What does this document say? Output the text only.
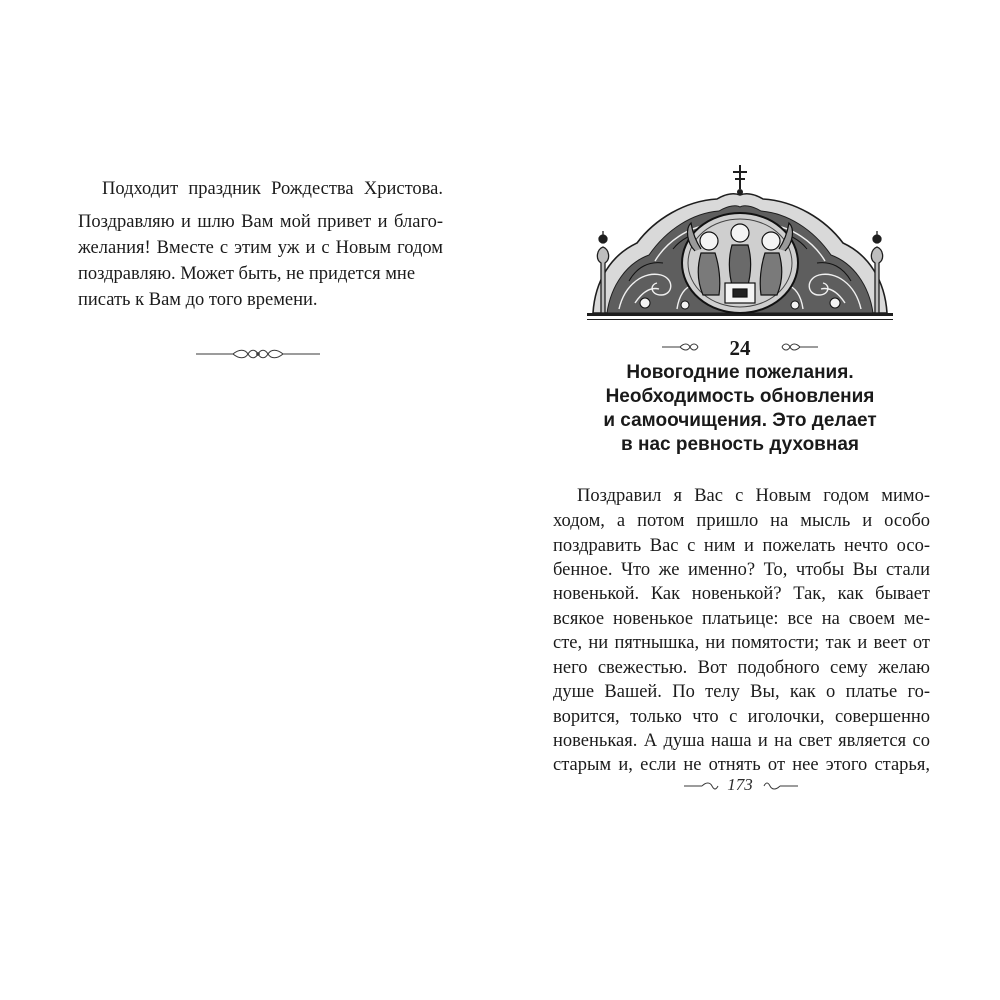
Подходит праздник Рождества Христова.

Поздравляю и шлю Вам мой привет и благо-

желания! Вместе с этим уж и с Новым годом

поздравляю. Может быть, не придется мне

писать к Вам до того времени.

24

Новогодние пожелания.

Необходимость обновления

и самоочищения. Это делает

в нас ревность духовная

Поздравил я Вас с Новым годом мимо-

ходом, а потом пришло на мысль и особо

поздравить Вас с ним и пожелать нечто осо-

бенное. Что же именно? То, чтобы Вы стали

новенькой. Как новенькой? Так, как бывает

всякое новенькое платьице: все на своем ме-

сте, ни пятнышка, ни помятости; так и веет от

него свежестью. Вот подобного сему желаю

душе Вашей. По телу Вы, как о платье го-

ворится, только что с иголочки, совершенно

новенькая. А душа наша и на свет является со

старым и, если не отнять от нее этого старья,

173
